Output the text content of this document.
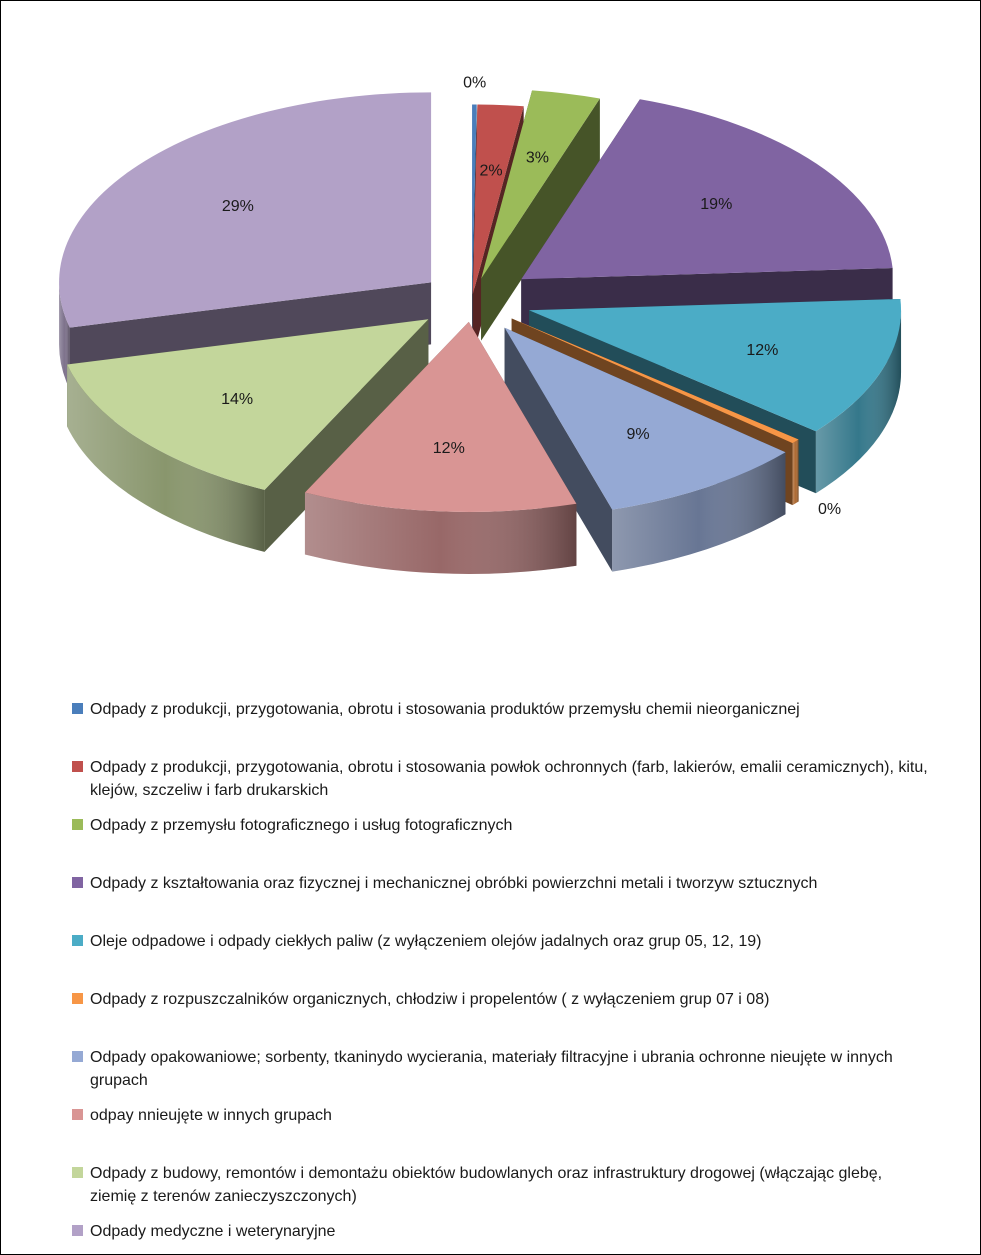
0%
2%
3%
19%
12%
0%
9%
12%
14%
29%
Odpady z produkcji, przygotowania, obrotu i stosowania produktów przemysłu chemii nieorganicznej
Odpady z produkcji, przygotowania, obrotu i stosowania powłok ochronnych (farb, lakierów, emalii ceramicznych), kitu, klejów, szczeliw i farb drukarskich
Odpady z przemysłu fotograficznego i usług fotograficznych
Odpady z kształtowania oraz fizycznej i mechanicznej obróbki powierzchni metali i tworzyw sztucznych
Oleje odpadowe i odpady ciekłych paliw (z wyłączeniem olejów jadalnych oraz grup 05, 12, 19)
Odpady z rozpuszczalników organicznych, chłodziw i propelentów ( z wyłączeniem grup 07 i 08)
Odpady opakowaniowe; sorbenty, tkaninydo wycierania, materiały filtracyjne i ubrania ochronne nieujęte w innych grupach
odpay nnieujęte w innych grupach
Odpady z budowy, remontów i demontażu obiektów budowlanych oraz infrastruktury drogowej (włączając glebę, ziemię z terenów zanieczyszczonych)
Odpady medyczne i weterynaryjne
